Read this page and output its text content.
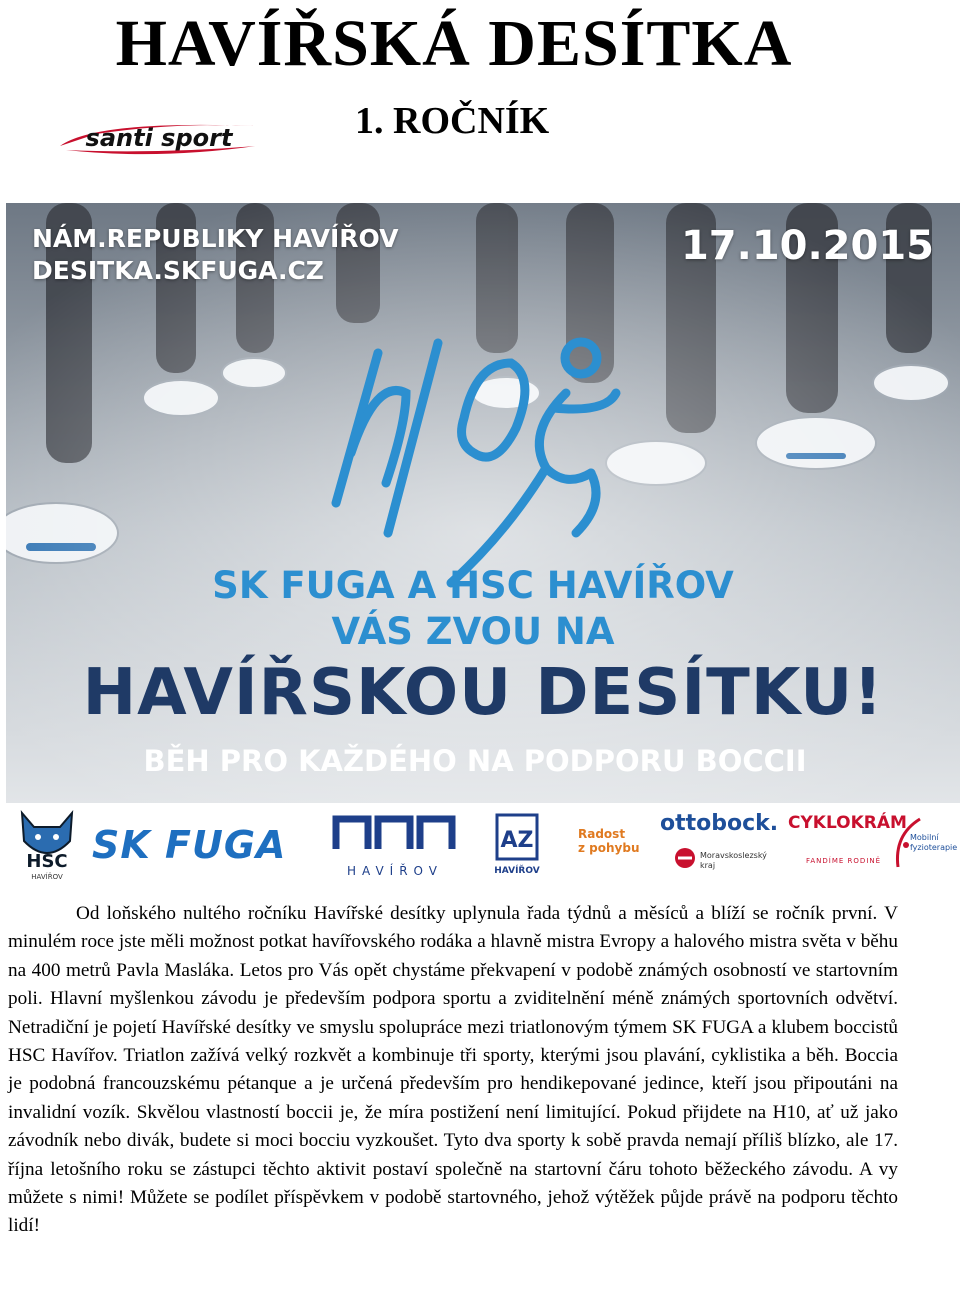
HAVÍŘSKÁ DESÍTKA
santi sport	1. ROČNÍK
NÁM.REPUBLIKY HAVÍŘOV
DESITKA.SKFUGA.CZ
17.10.2015
SK FUGA A HSC HAVÍŘOV
VÁS ZVOU NA
HAVÍŘSKOU DESÍTKU!
BĚH PRO KAŽDÉHO NA PODPORU BOCCII
HSC
HAVÍŘOV
SK FUGA
HAVÍŘOV
AZ
HAVÍŘOV
Radost
z pohybu
ottobock.
Moravskoslezský kraj
CYKLOKRÁM
FANDÍME RODINĚ
Mobilní fyzioterapie

Od loňského nultého ročníku Havířské desítky uplynula řada týdnů a měsíců a blíží se ročník první. V minulém roce jste měli možnost potkat havířovského rodáka a hlavně mistra Evropy a halového mistra světa v běhu na 400 metrů Pavla Masláka. Letos pro Vás opět chystáme překvapení v podobě známých osobností ve startovním poli. Hlavní myšlenkou závodu je především podpora sportu a zviditelnění méně známých sportovních odvětví. Netradiční je pojetí Havířské desítky ve smyslu spolupráce mezi triatlonovým týmem SK FUGA a klubem boccistů HSC Havířov. Triatlon zažívá velký rozkvět a kombinuje tři sporty, kterými jsou plavání, cyklistika a běh. Boccia je podobná francouzskému pétanque a je určená především pro hendikepované jedince, kteří jsou připoutáni na invalidní vozík. Skvělou vlastností boccii je, že míra postižení není limitující. Pokud přijdete na H10, ať už jako závodník nebo divák, budete si moci bocciu vyzkoušet. Tyto dva sporty k sobě pravda nemají příliš blízko, ale 17. října letošního roku se zástupci těchto aktivit postaví společně na startovní čáru tohoto běžeckého závodu. A vy můžete s nimi! Můžete se podílet příspěvkem v podobě startovného, jehož výtěžek půjde právě na podporu těchto lidí!
